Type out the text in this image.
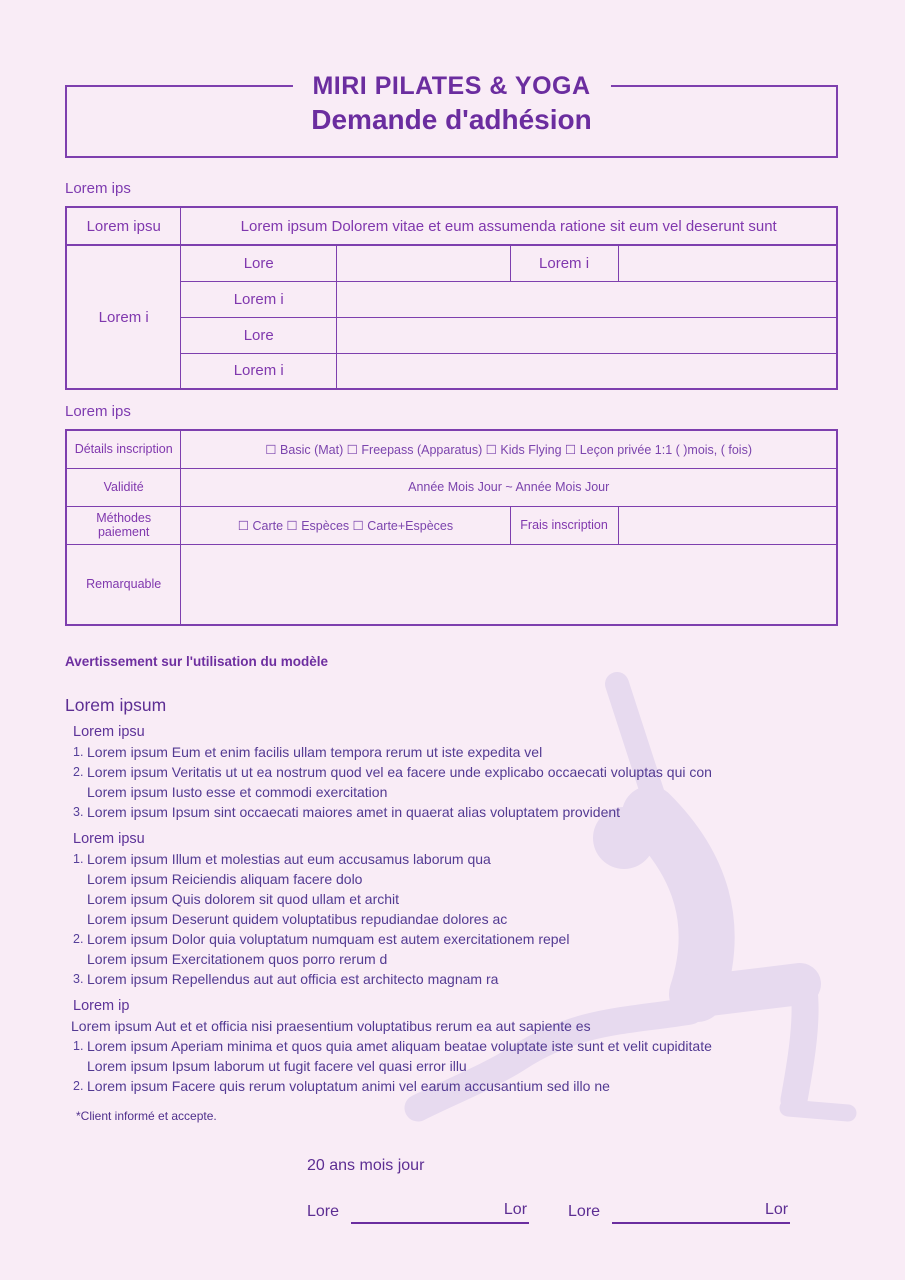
MIRI PILATES & YOGA
Demande d'adhésion
Lorem ips
Lorem ipsu	Lorem ipsum Dolorem vitae et eum assumenda ratione sit eum vel deserunt sunt			
Lorem i	Lore		Lorem i	
	Lorem i			
	Lore			
	Lorem i			
Lorem ips
Détails inscription	☐ Basic (Mat) ☐ Freepass (Apparatus) ☐ Kids Flying ☐ Leçon privée 1:1 ( )mois, ( fois)		
Validité	Année Mois Jour ~ Année Mois Jour		
Méthodes paiement	☐ Carte ☐ Espèces ☐ Carte+Espèces	Frais inscription	
Remarquable			
Avertissement sur l'utilisation du modèle
Lorem ipsum
Lorem ipsu
1. Lorem ipsum Eum et enim facilis ullam tempora rerum ut iste expedita vel
2. Lorem ipsum Veritatis ut ut ea nostrum quod vel ea facere unde explicabo occaecati voluptas qui con
Lorem ipsum Iusto esse et commodi exercitation
3. Lorem ipsum Ipsum sint occaecati maiores amet in quaerat alias voluptatem provident
Lorem ipsu
1. Lorem ipsum Illum et molestias aut eum accusamus laborum qua
Lorem ipsum Reiciendis aliquam facere dolo
Lorem ipsum Quis dolorem sit quod ullam et archit
Lorem ipsum Deserunt quidem voluptatibus repudiandae dolores ac
2. Lorem ipsum Dolor quia voluptatum numquam est autem exercitationem repel
Lorem ipsum Exercitationem quos porro rerum d
3. Lorem ipsum Repellendus aut aut officia est architecto magnam ra
Lorem ip
Lorem ipsum Aut et et officia nisi praesentium voluptatibus rerum ea aut sapiente es
1. Lorem ipsum Aperiam minima et quos quia amet aliquam beatae voluptate iste sunt et velit cupiditate
Lorem ipsum Ipsum laborum ut fugit facere vel quasi error illu
2. Lorem ipsum Facere quis rerum voluptatum animi vel earum accusantium sed illo ne
*Client informé et accepte.
20 ans mois jour
Lore	Lor	Lore	Lor
